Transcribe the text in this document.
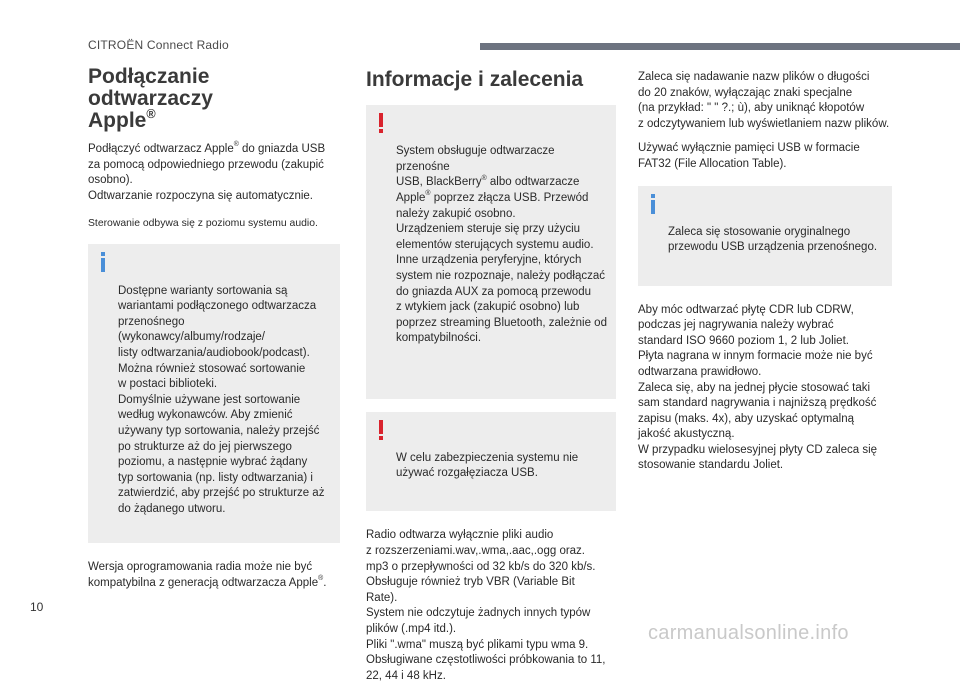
CITROËN Connect Radio
Podłączanie odtwarzaczy
Apple®

Podłączyć odtwarzacz Apple® do gniazda USB
za pomocą odpowiedniego przewodu (zakupić
osobno).
Odtwarzanie rozpoczyna się automatycznie.

Sterowanie odbywa się z poziomu systemu audio.

Dostępne warianty sortowania są
wariantami podłączonego odtwarzacza
przenośnego (wykonawcy/albumy/rodzaje/
listy odtwarzania/audiobook/podcast).
Można również stosować sortowanie
w postaci biblioteki.
Domyślnie używane jest sortowanie
według wykonawców. Aby zmienić
używany typ sortowania, należy przejść
po strukturze aż do jej pierwszego
poziomu, a następnie wybrać żądany
typ sortowania (np. listy odtwarzania) i
zatwierdzić, aby przejść po strukturze aż
do żądanego utworu.

Wersja oprogramowania radia może nie być
kompatybilna z generacją odtwarzacza Apple®.

Informacje i zalecenia

System obsługuje odtwarzacze przenośne
USB, BlackBerry® albo odtwarzacze
Apple® poprzez złącza USB. Przewód
należy zakupić osobno.
Urządzeniem steruje się przy użyciu
elementów sterujących systemu audio.
Inne urządzenia peryferyjne, których
system nie rozpoznaje, należy podłączać
do gniazda AUX za pomocą przewodu
z wtykiem jack (zakupić osobno) lub
poprzez streaming Bluetooth, zależnie od
kompatybilności.

W celu zabezpieczenia systemu nie
używać rozgałęziacza USB.

Radio odtwarza wyłącznie pliki audio
z rozszerzeniami.wav,.wma,.aac,.ogg oraz.
mp3 o przepływności od 32 kb/s do 320 kb/s.
Obsługuje również tryb VBR (Variable Bit
Rate).
System nie odczytuje żadnych innych typów
plików (.mp4 itd.).
Pliki ".wma" muszą być plikami typu wma 9.
Obsługiwane częstotliwości próbkowania to 11,
22, 44 i 48 kHz.

Zaleca się nadawanie nazw plików o długości
do 20 znaków, wyłączając znaki specjalne
(na przykład: " " ?.; ù), aby uniknąć kłopotów
z odczytywaniem lub wyświetlaniem nazw plików.

Używać wyłącznie pamięci USB w formacie
FAT32 (File Allocation Table).

Zaleca się stosowanie oryginalnego
przewodu USB urządzenia przenośnego.

Aby móc odtwarzać płytę CDR lub CDRW,
podczas jej nagrywania należy wybrać
standard ISO 9660 poziom 1, 2 lub Joliet.
Płyta nagrana w innym formacie może nie być
odtwarzana prawidłowo.
Zaleca się, aby na jednej płycie stosować taki
sam standard nagrywania i najniższą prędkość
zapisu (maks. 4x), aby uzyskać optymalną
jakość akustyczną.
W przypadku wielosesyjnej płyty CD zaleca się
stosowanie standardu Joliet.

10
carmanualsonline.info
